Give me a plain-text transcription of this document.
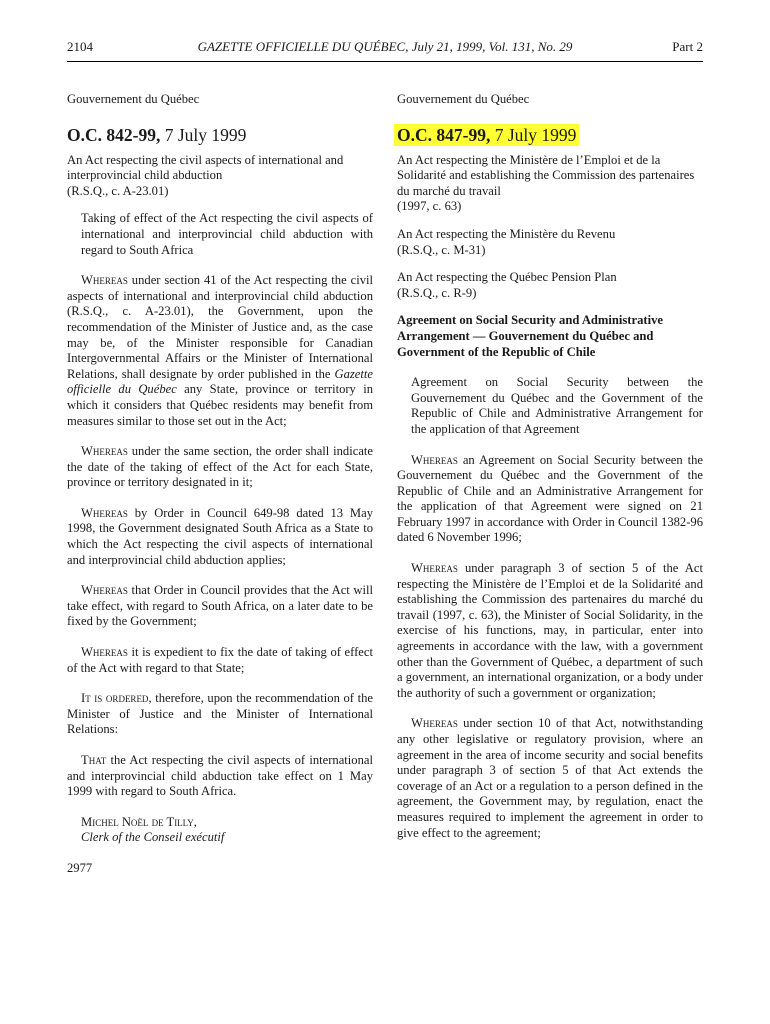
2104	GAZETTE OFFICIELLE DU QUÉBEC, July 21, 1999, Vol. 131, No. 29	Part 2
Gouvernement du Québec
O.C. 842-99, 7 July 1999
An Act respecting the civil aspects of international and interprovincial child abduction
(R.S.Q., c. A-23.01)
Taking of effect of the Act respecting the civil aspects of international and interprovincial child abduction with regard to South Africa

Whereas under section 41 of the Act respecting the civil aspects of international and interprovincial child abduction (R.S.Q., c. A-23.01), the Government, upon the recommendation of the Minister of Justice and, as the case may be, of the Minister responsible for Canadian Intergovernmental Affairs or the Minister of International Relations, shall designate by order published in the Gazette officielle du Québec any State, province or territory in which it considers that Québec residents may benefit from measures similar to those set out in the Act;

Whereas under the same section, the order shall indicate the date of the taking of effect of the Act for each State, province or territory designated in it;

Whereas by Order in Council 649-98 dated 13 May 1998, the Government designated South Africa as a State to which the Act respecting the civil aspects of international and interprovincial child abduction applies;

Whereas that Order in Council provides that the Act will take effect, with regard to South Africa, on a later date to be fixed by the Government;

Whereas it is expedient to fix the date of taking of effect of the Act with regard to that State;

It is ordered, therefore, upon the recommendation of the Minister of Justice and the Minister of International Relations:

That the Act respecting the civil aspects of international and interprovincial child abduction take effect on 1 May 1999 with regard to South Africa.

Michel Noël de Tilly,
Clerk of the Conseil exécutif

2977
Gouvernement du Québec
O.C. 847-99, 7 July 1999
An Act respecting the Ministère de l’Emploi et de la Solidarité and establishing the Commission des partenaires du marché du travail
(1997, c. 63)
An Act respecting the Ministère du Revenu
(R.S.Q., c. M-31)
An Act respecting the Québec Pension Plan
(R.S.Q., c. R-9)
Agreement on Social Security and Administrative Arrangement — Gouvernement du Québec and Government of the Republic of Chile
Agreement on Social Security between the Gouvernement du Québec and the Government of the Republic of Chile and Administrative Arrangement for the application of that Agreement

Whereas an Agreement on Social Security between the Gouvernement du Québec and the Government of the Republic of Chile and an Administrative Arrangement for the application of that Agreement were signed on 21 February 1997 in accordance with Order in Council 1382-96 dated 6 November 1996;

Whereas under paragraph 3 of section 5 of the Act respecting the Ministère de l’Emploi et de la Solidarité and establishing the Commission des partenaires du marché du travail (1997, c. 63), the Minister of Social Solidarity, in the exercise of his functions, may, in particular, enter into agreements in accordance with the law, with a government other than the Government of Québec, a department of such a government, an international organization, or a body under the authority of such a government or organization;

Whereas under section 10 of that Act, notwithstanding any other legislative or regulatory provision, where an agreement in the area of income security and social benefits under paragraph 3 of section 5 of that Act extends the coverage of an Act or a regulation to a person defined in the agreement, the Government may, by regulation, enact the measures required to implement the agreement in order to give effect to the agreement;
